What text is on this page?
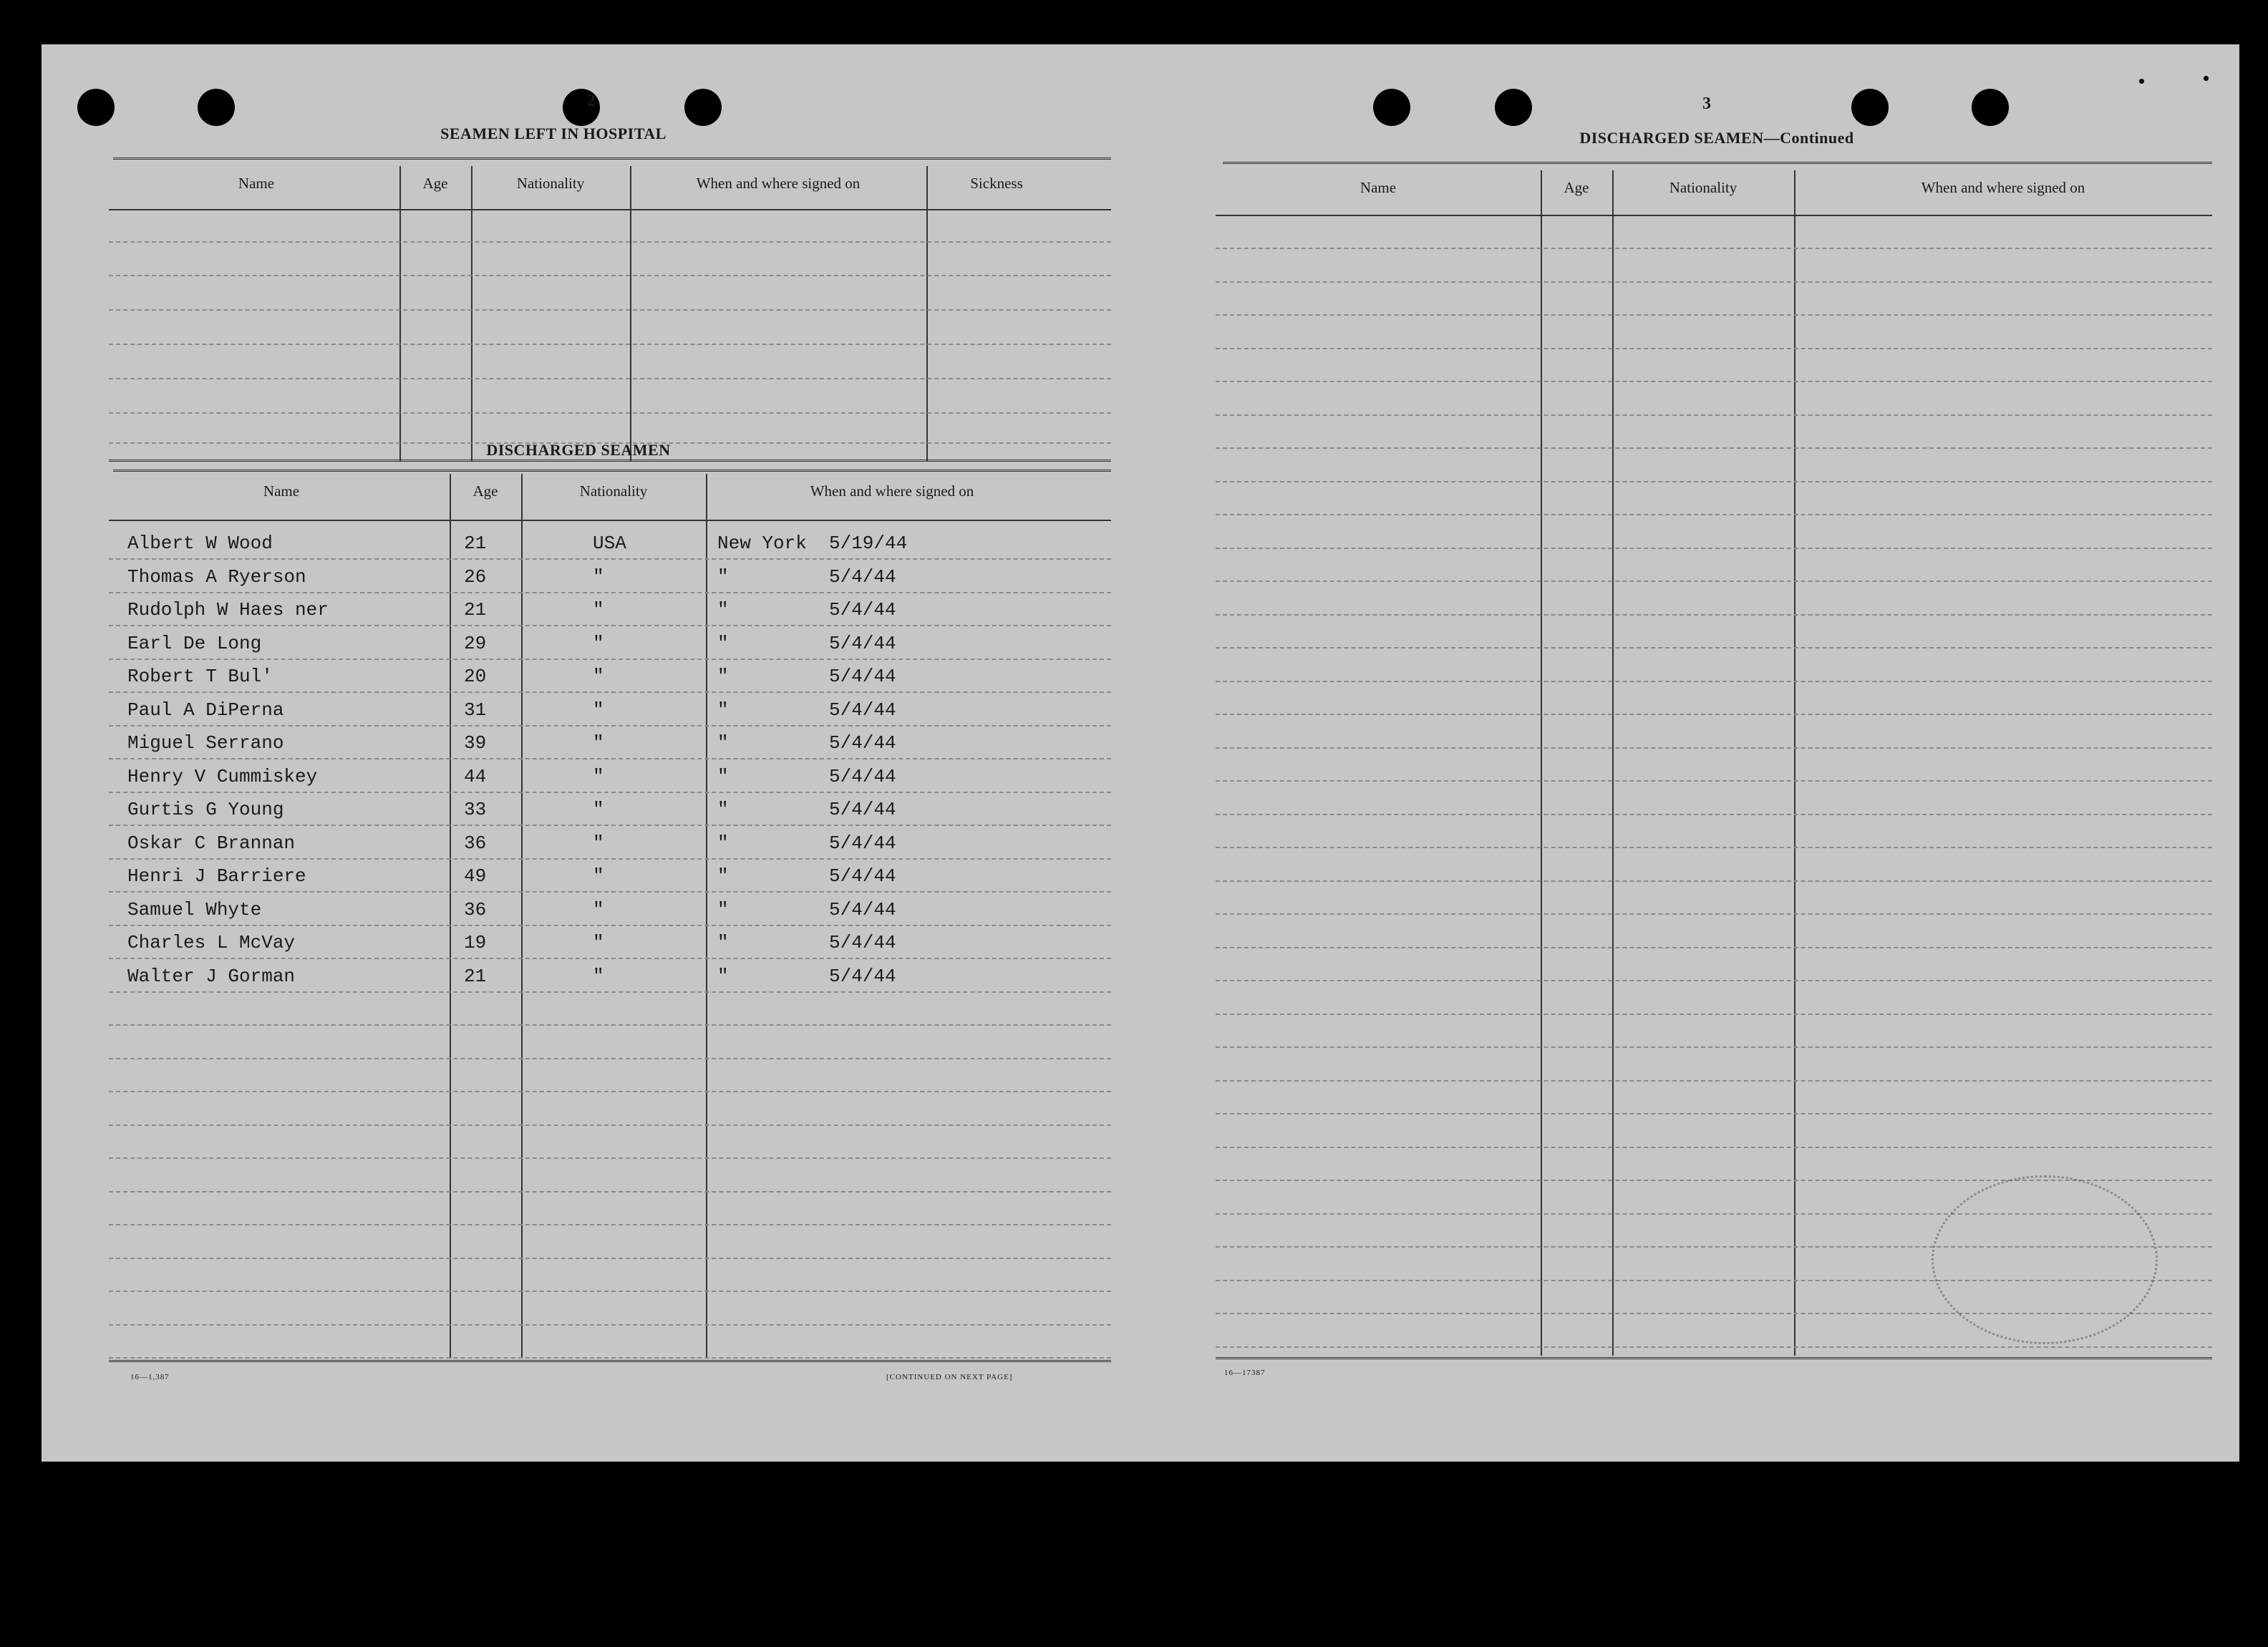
2
SEAMEN LEFT IN HOSPITAL
Name	Age	Nationality	When and where signed on	Sickness
DISCHARGED SEAMEN
Name	Age	Nationality	When and where signed on
Albert W Wood	21	USA	New York 5/19/44
Thomas A Ryerson	26	"	"	5/4/44
Rudolph W Haes ner	21	"	"	5/4/44
Earl De Long	29	"	"	5/4/44
Robert T Bul'	20	"	"	5/4/44
Paul A DiPerna	31	"	"	5/4/44
Miguel Serrano	39	"	"	5/4/44
Henry V Cummiskey	44	"	"	5/4/44
Gurtis G Young	33	"	"	5/4/44
Oskar C Brannan	36	"	"	5/4/44
Henri J Barriere	49	"	"	5/4/44
Samuel Whyte	36	"	"	5/4/44
Charles L McVay	19	"	"	5/4/44
Walter J Gorman	21	"	"	5/4/44
16—1,387	[CONTINUED ON NEXT PAGE]
3
DISCHARGED SEAMEN—Continued
Name	Age	Nationality	When and where signed on
16—17387
